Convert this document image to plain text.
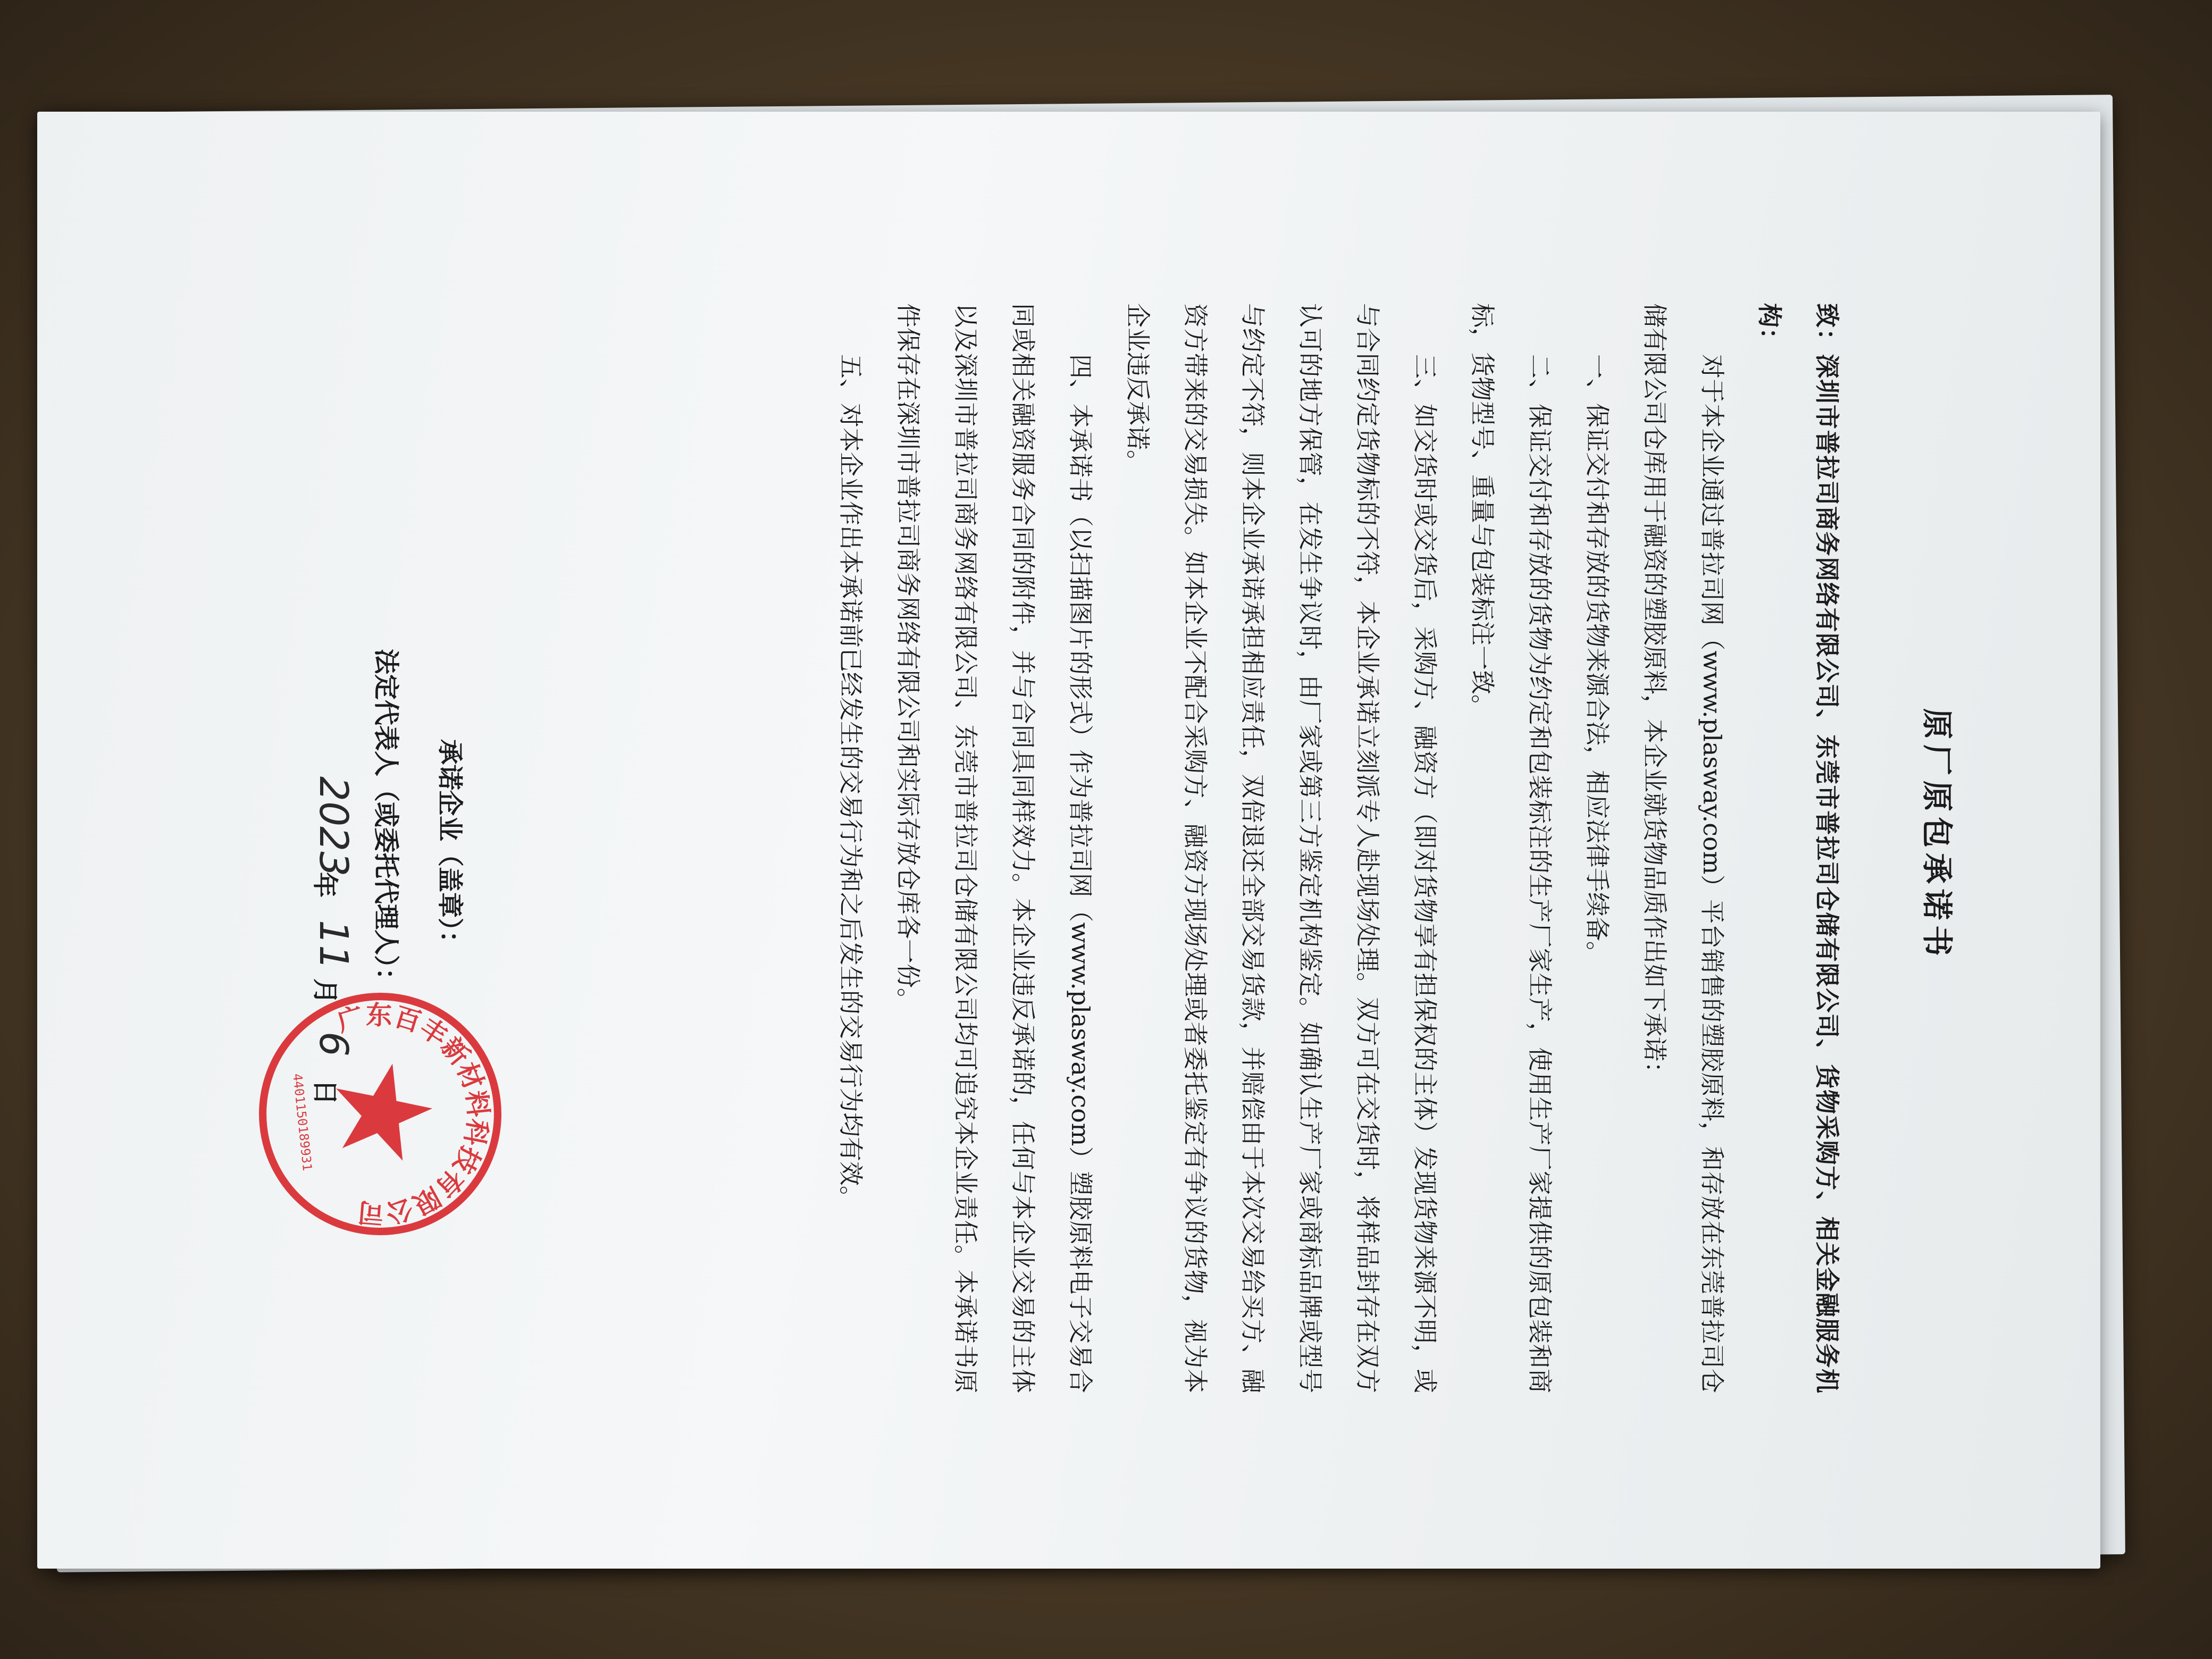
原厂原包承诺书

致：深圳市普拉司商务网络有限公司、东莞市普拉司仓储有限公司、货物采购方、相关金融服务机构：

对于本企业通过普拉司网（www.plasway.com）平台销售的塑胶原料，和存放在东莞普拉司仓储有限公司仓库用于融资的塑胶原料，本企业就货物品质作出如下承诺：

一、保证交付和存放的货物来源合法，相应法律手续备。

二、保证交付和存放的货物为约定和包装标注的生产厂家生产，使用生产厂家提供的原包装和商标，货物型号、重量与包装标注一致。

三、如交货时或交货后，采购方、融资方（即对货物享有担保权的主体）发现货物来源不明，或与合同约定货物标的不符，本企业承诺立刻派专人赴现场处理。双方可在交货时，将样品封存在双方认可的地方保管，在发生争议时，由厂家或第三方鉴定机构鉴定。如确认生产厂家或商标品牌或型号与约定不符，则本企业承诺承担相应责任，双倍退还全部交易货款，并赔偿由于本次交易给买方、融资方带来的交易损失。如本企业不配合采购方、融资方现场处理或者委托鉴定有争议的货物，视为本企业违反承诺。

四、本承诺书（以扫描图片的形式）作为普拉司网（www.plasway.com）塑胶原料电子交易合同或相关融资服务合同的附件，并与合同具同样效力。本企业违反承诺的，任何与本企业交易的主体以及深圳市普拉司商务网络有限公司、东莞市普拉司仓储有限公司均可追究本企业责任。本承诺书原件保存在深圳市普拉司商务网络有限公司和实际存放仓库各一份。

五、对本企业作出本承诺前已经发生的交易行为和之后发生的交易行为均有效。

承诺企业（盖章）：
法定代表人（或委托代理人）：
2023
年
11
月
6
日
广东百丰新材料科技有限公司
4401150189931
